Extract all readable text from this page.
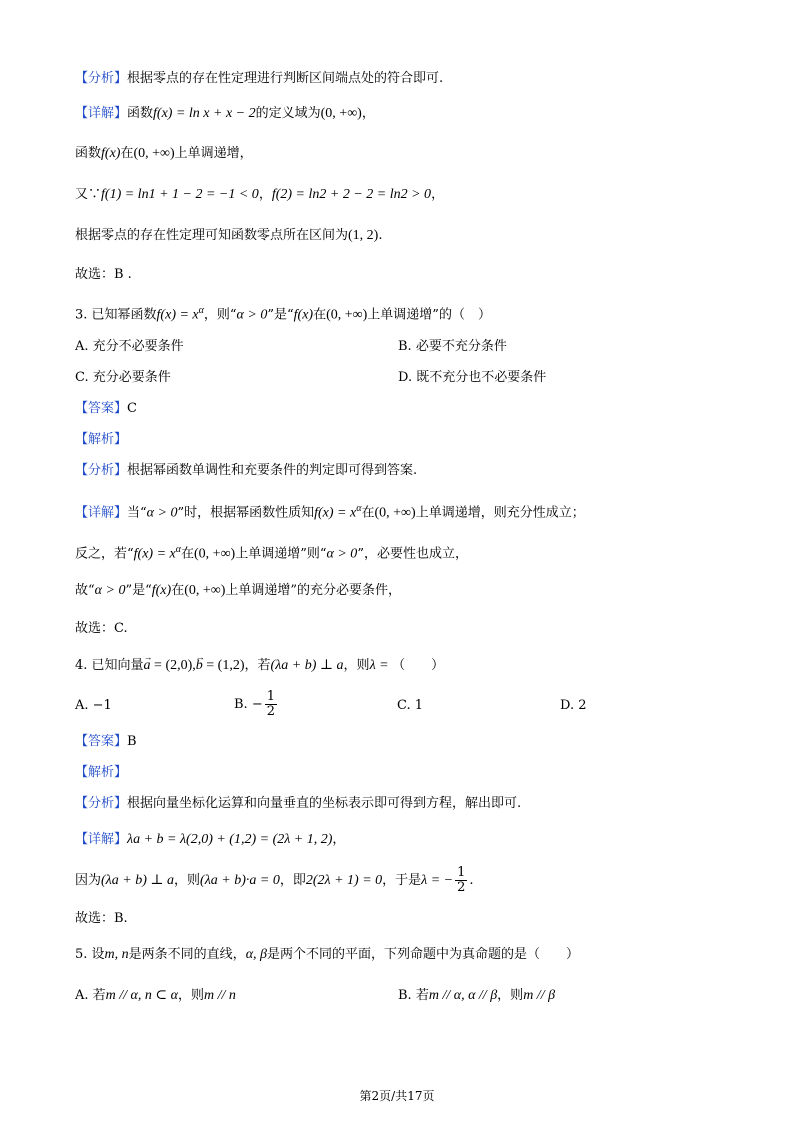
【分析】根据零点的存在性定理进行判断区间端点处的符合即可.
【详解】函数f(x) = ln x + x − 2的定义域为(0, +∞)，
函数f(x)在(0, +∞)上单调递增，
又∵f(1) = ln1 + 1 − 2 = −1 < 0，f(2) = ln2 + 2 − 2 = ln2 > 0，
根据零点的存在性定理可知函数零点所在区间为(1, 2).
故选：B .
3. 已知幂函数$f(x) = x^\alpha$，则“α > 0”是“f(x)在(0, +∞)上单调递增”的（　）
A. 充分不必要条件	B. 必要不充分条件
C. 充分必要条件	D. 既不充分也不必要条件
【答案】C
【解析】
【分析】根据幂函数单调性和充要条件的判定即可得到答案.
【详解】当“α > 0”时，根据幂函数性质知$f(x) = x^\alpha$在(0, +∞)上单调递增，则充分性成立；
反之，若“$f(x) = x^\alpha$在(0, +∞)上单调递增”则“α > 0”，必要性也成立，
故“α > 0”是“f(x)在(0, +∞)上单调递增”的充分必要条件，
故选：C.
4. 已知向量→ a = (2,0),→ b = (1,2)，若(λa + b) ⊥ a，则λ = （　　）
A. −1	B. − $\frac{1}{2}$	C. 1	D. 2
【答案】B
【解析】
【分析】根据向量坐标化运算和向量垂直的坐标表示即可得到方程，解出即可.
【详解】λa + b = λ(2,0) + (1,2) = (2λ + 1, 2)，
因为(λa + b) ⊥ a，则(λa + b)·a = 0，即2(2λ + 1) = 0，于是λ = − $\frac{1}{2}$ .
故选：B.
5. 设m, n是两条不同的直线，α, β是两个不同的平面，下列命题中为真命题的是（　　）
A. 若m // α, n ⊂ α，则m // n	B. 若m // α, α // β，则m // β
第2页/共17页
